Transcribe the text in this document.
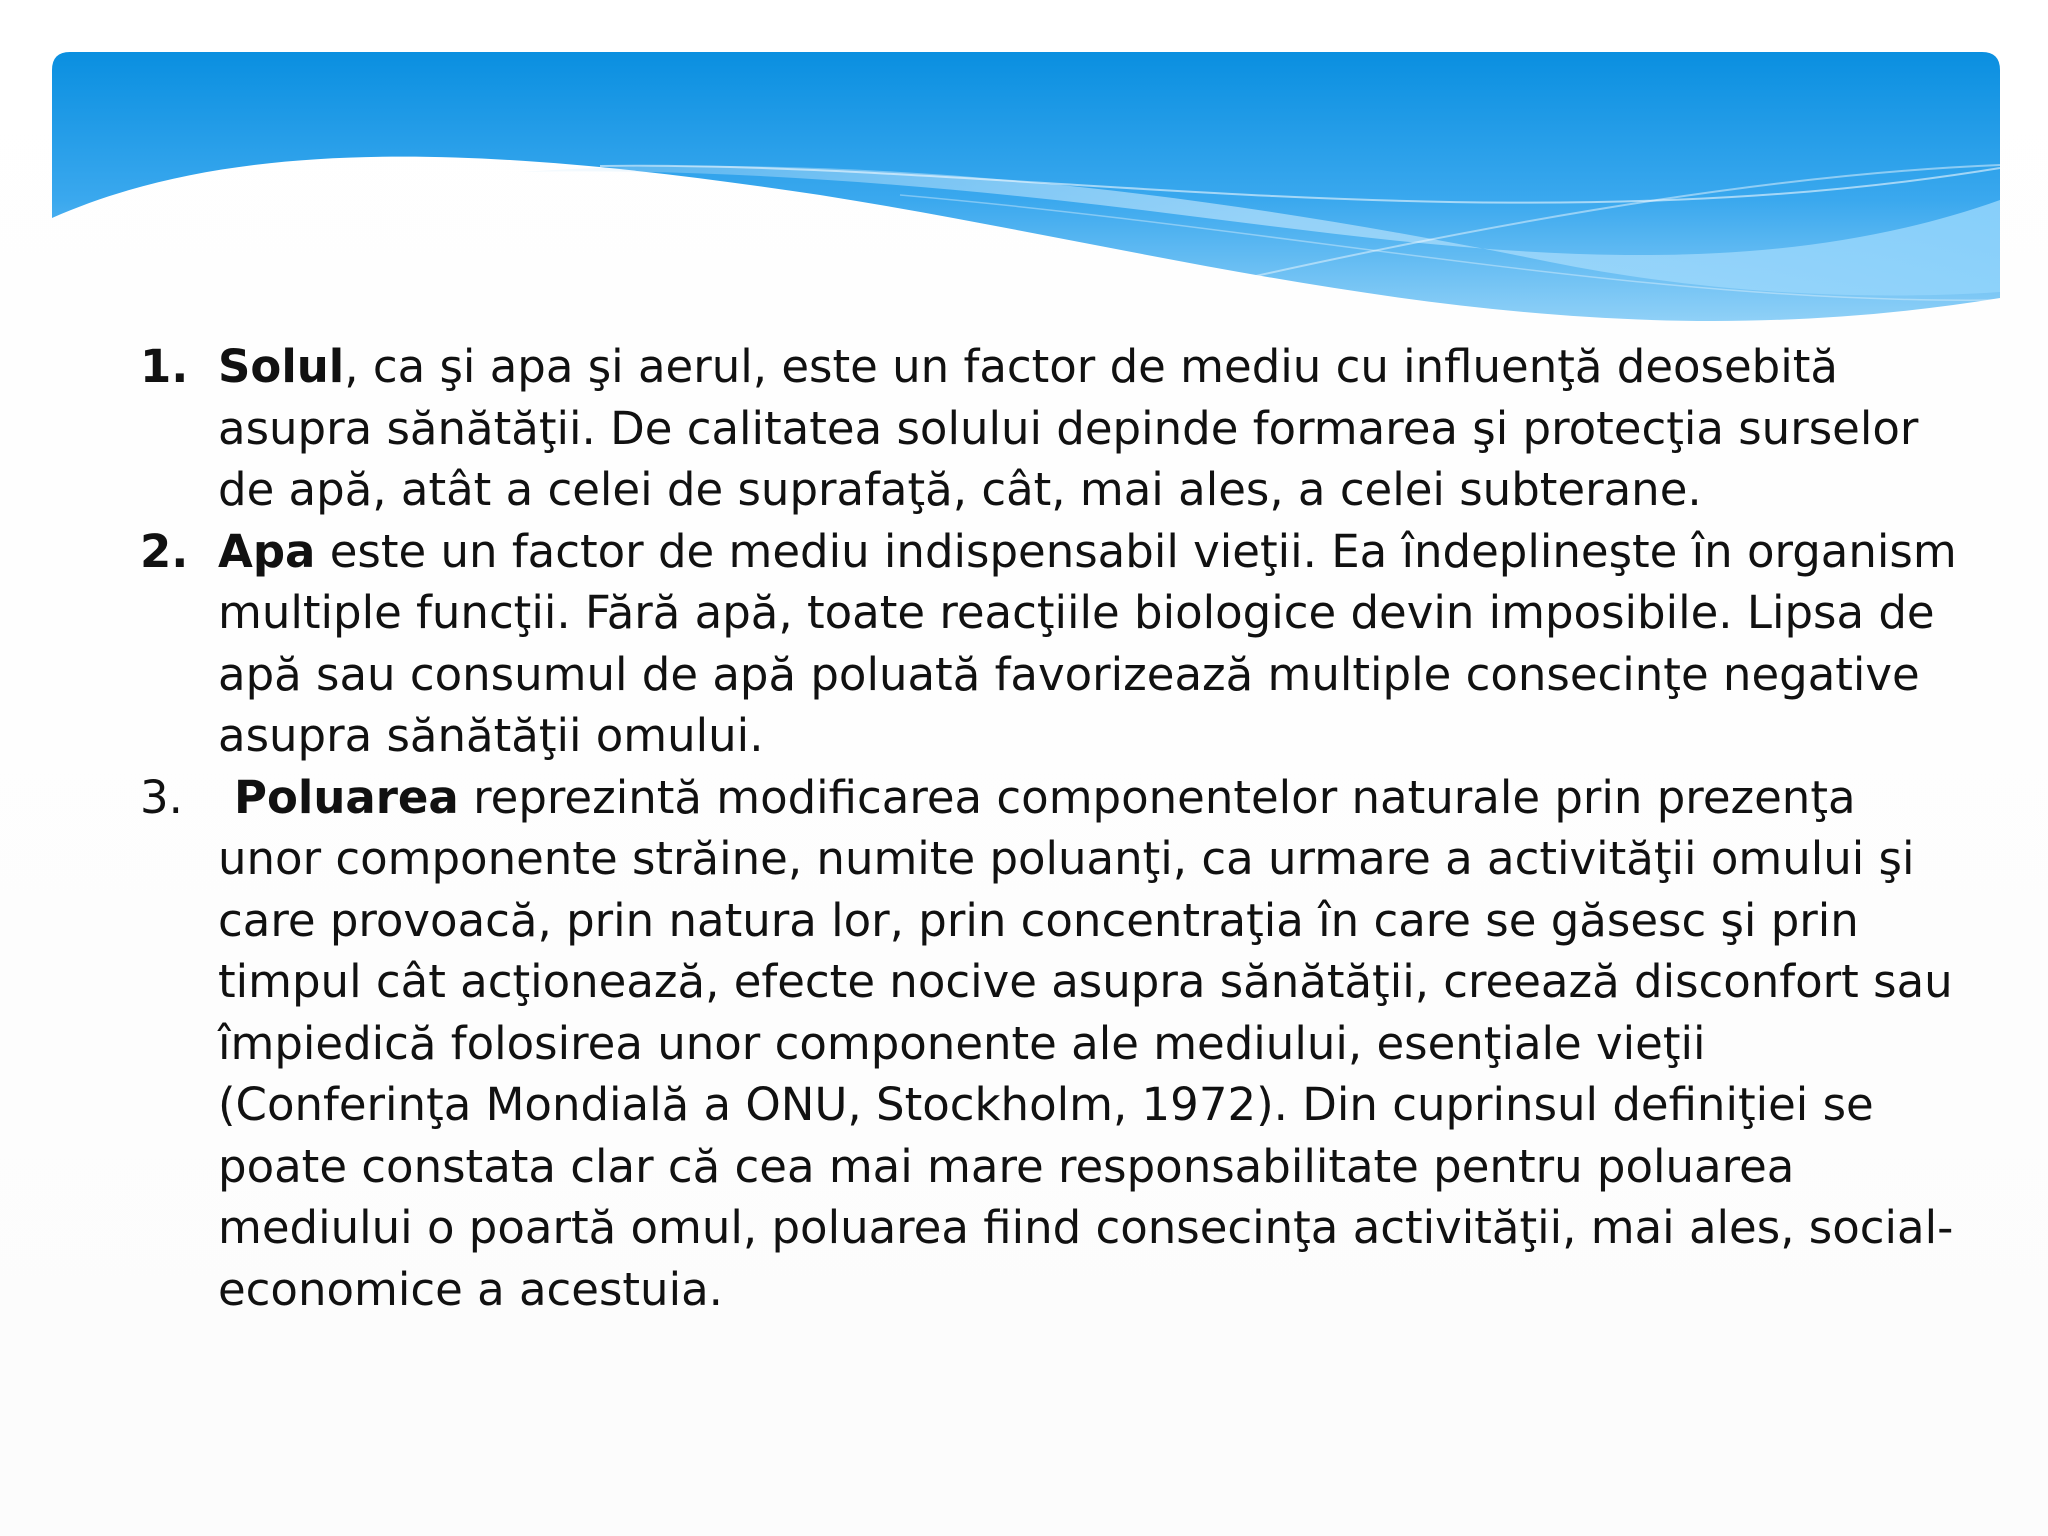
1. Solul, ca şi apa şi aerul, este un factor de mediu cu influenţă deosebită asupra sănătăţii. De calitatea solului depinde formarea şi protecţia surselor de apă, atât a celei de suprafaţă, cât, mai ales, a celei subterane.

2. Apa este un factor de mediu indispensabil vieţii. Ea îndeplineşte în organism multiple funcţii. Fără apă, toate reacţiile biologice devin imposibile. Lipsa de apă sau consumul de apă poluată favorizează multiple consecinţe negative asupra sănătăţii omului.

3. Poluarea reprezintă modificarea componentelor naturale prin prezenţa unor componente străine, numite poluanţi, ca urmare a activităţii omului şi care provoacă, prin natura lor, prin concentraţia în care se găsesc şi prin timpul cât acţionează, efecte nocive asupra sănătăţii, creează disconfort sau împiedică folosirea unor componente ale mediului, esenţiale vieţii (Conferinţa Mondială a ONU, Stockholm, 1972). Din cuprinsul definiţiei se poate constata clar că cea mai mare responsabilitate pentru poluarea mediului o poartă omul, poluarea fiind consecinţa activităţii, mai ales, social-economice a acestuia.
